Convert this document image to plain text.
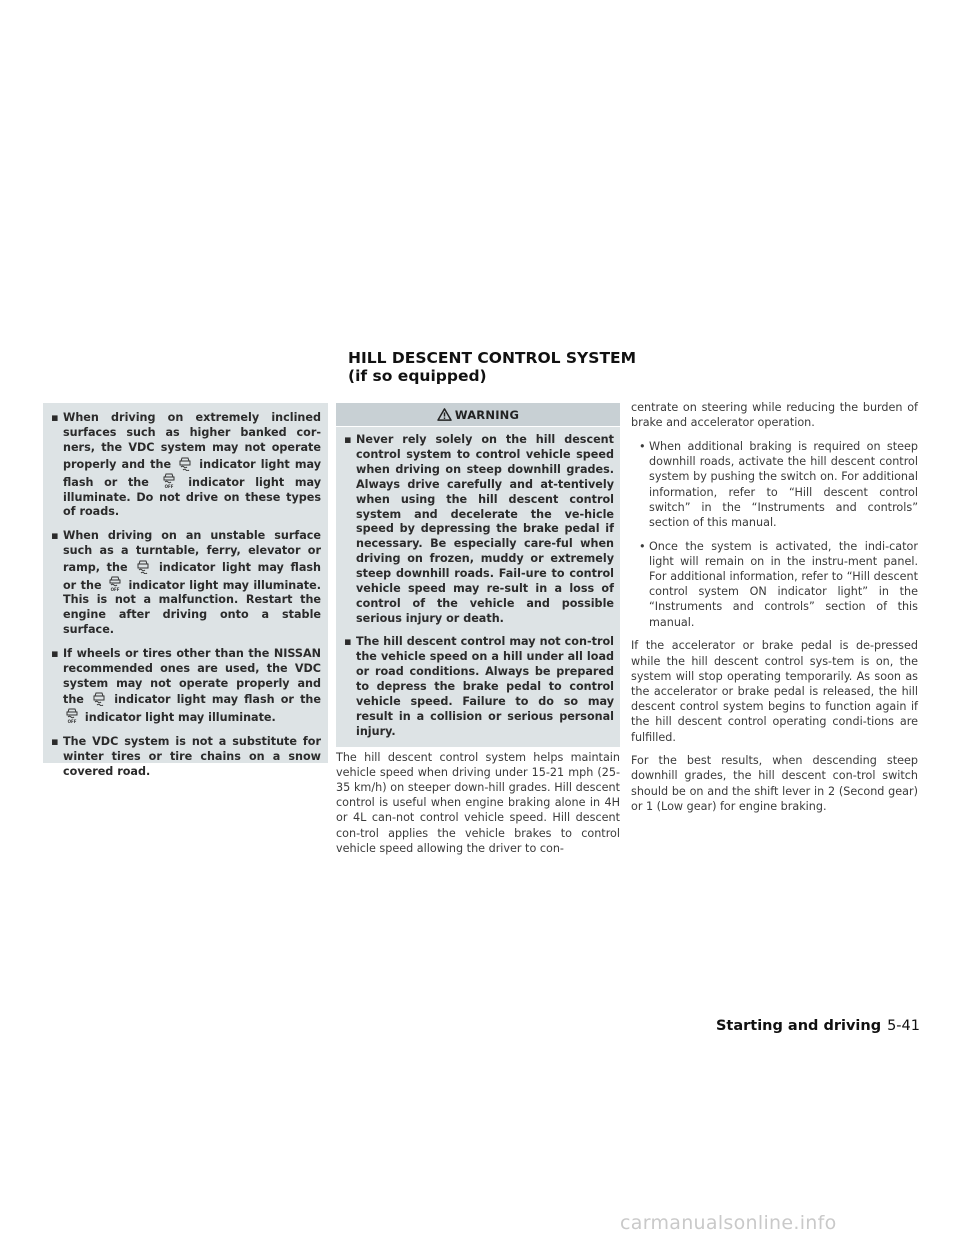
HILL DESCENT CONTROL SYSTEM (if so equipped)
▪ When driving on extremely inclined surfaces such as higher banked cor-ners, the VDC system may not operate properly and the	indicator light may flash or the	OFF indicator light may illuminate. Do not drive on these types of roads.
▪ When driving on an unstable surface such as a turntable, ferry, elevator or ramp, the	indicator light may flash or the OFF indicator light may illuminate. This is not a malfunction. Restart the engine after driving onto a stable surface.
▪ If wheels or tires other than the NISSAN recommended ones are used, the VDC system may not operate properly and the	indicator light may flash or the
OFF indicator light may illuminate.
▪ The VDC system is not a substitute for winter tires or tire chains on a snow covered road.
WARNING
▪ Never rely solely on the hill descent control system to control vehicle speed when driving on steep downhill grades. Always drive carefully and at-tentively when using the hill descent control system and decelerate the ve-hicle speed by depressing the brake pedal if necessary. Be especially care-ful when driving on frozen, muddy or extremely steep downhill roads. Fail-ure to control vehicle speed may re-sult in a loss of control of the vehicle and possible serious injury or death.
▪ The hill descent control may not con-trol the vehicle speed on a hill under all load or road conditions. Always be prepared to depress the brake pedal to control vehicle speed. Failure to do so may result in a collision or serious personal injury.

The hill descent control system helps maintain vehicle speed when driving under 15-21 mph (25-35 km/h) on steeper down-hill grades. Hill descent control is useful when engine braking alone in 4H or 4L can-not control vehicle speed. Hill descent con-trol applies the vehicle brakes to control vehicle speed allowing the driver to con-

centrate on steering while reducing the burden of brake and accelerator operation.

• When additional braking is required on steep downhill roads, activate the hill descent control system by pushing the switch on. For additional information, refer to “Hill descent control switch” in the “Instruments and controls” section of this manual.
• Once the system is activated, the indi-cator light will remain on in the instru-ment panel. For additional information, refer to “Hill descent control system ON indicator light” in the “Instruments and controls” section of this manual.

If the accelerator or brake pedal is de-pressed while the hill descent control sys-tem is on, the system will stop operating temporarily. As soon as the accelerator or brake pedal is released, the hill descent control system begins to function again if the hill descent control operating condi-tions are fulfilled.

For the best results, when descending steep downhill grades, the hill descent con-trol switch should be on and the shift lever in 2 (Second gear) or 1 (Low gear) for engine braking.

Starting and driving 5-41
carmanualsonline.info
